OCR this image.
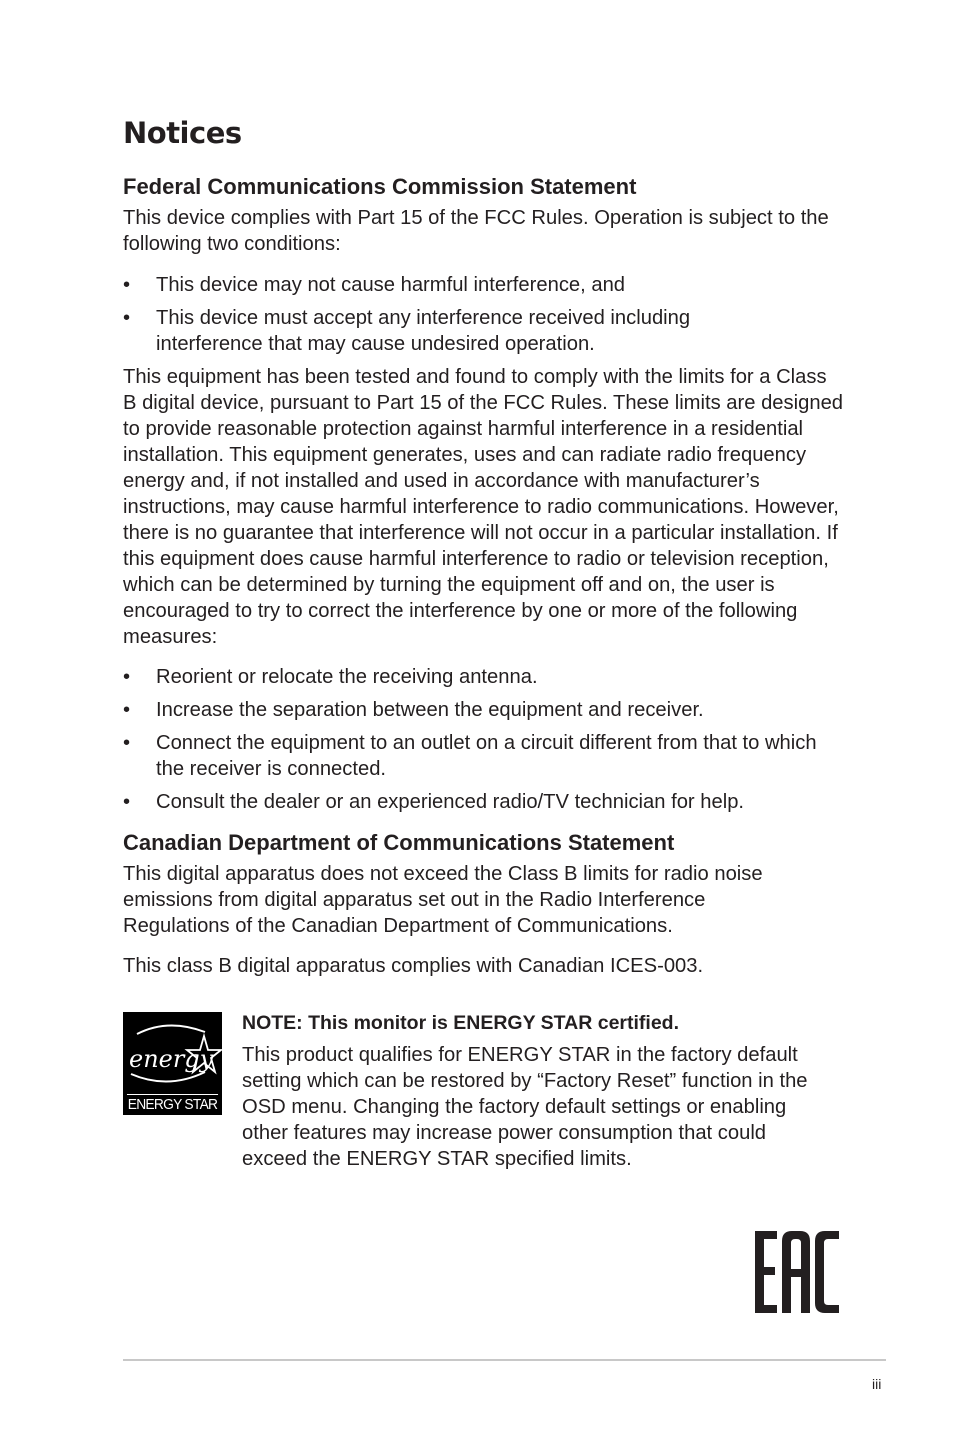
Notices
Federal Communications Commission Statement

This device complies with Part 15 of the FCC Rules. Operation is subject to the following two conditions:

• This device may not cause harmful interference, and
• This device must accept any interference received including interference that may cause undesired operation.

This equipment has been tested and found to comply with the limits for a Class B digital device, pursuant to Part 15 of the FCC Rules. These limits are designed to provide reasonable protection against harmful interference in a residential installation. This equipment generates, uses and can radiate radio frequency energy and, if not installed and used in accordance with manufacturer’s instructions, may cause harmful interference to radio communications. However, there is no guarantee that interference will not occur in a particular installation. If this equipment does cause harmful interference to radio or television reception, which can be determined by turning the equipment off and on, the user is encouraged to try to correct the interference by one or more of the following measures:

• Reorient or relocate the receiving antenna.
• Increase the separation between the equipment and receiver.
• Connect the equipment to an outlet on a circuit different from that to which the receiver is connected.
• Consult the dealer or an experienced radio/TV technician for help.
Canadian Department of Communications Statement

This digital apparatus does not exceed the Class B limits for radio noise emissions from digital apparatus set out in the Radio Interference Regulations of the Canadian Department of Communications.

This class B digital apparatus complies with Canadian ICES-003.

energy
ENERGY STAR

NOTE: This monitor is ENERGY STAR certified.

This product qualifies for ENERGY STAR in the factory default setting which can be restored by “Factory Reset” function in the OSD menu. Changing the factory default settings or enabling other features may increase power consumption that could exceed the ENERGY STAR specified limits.

iii
